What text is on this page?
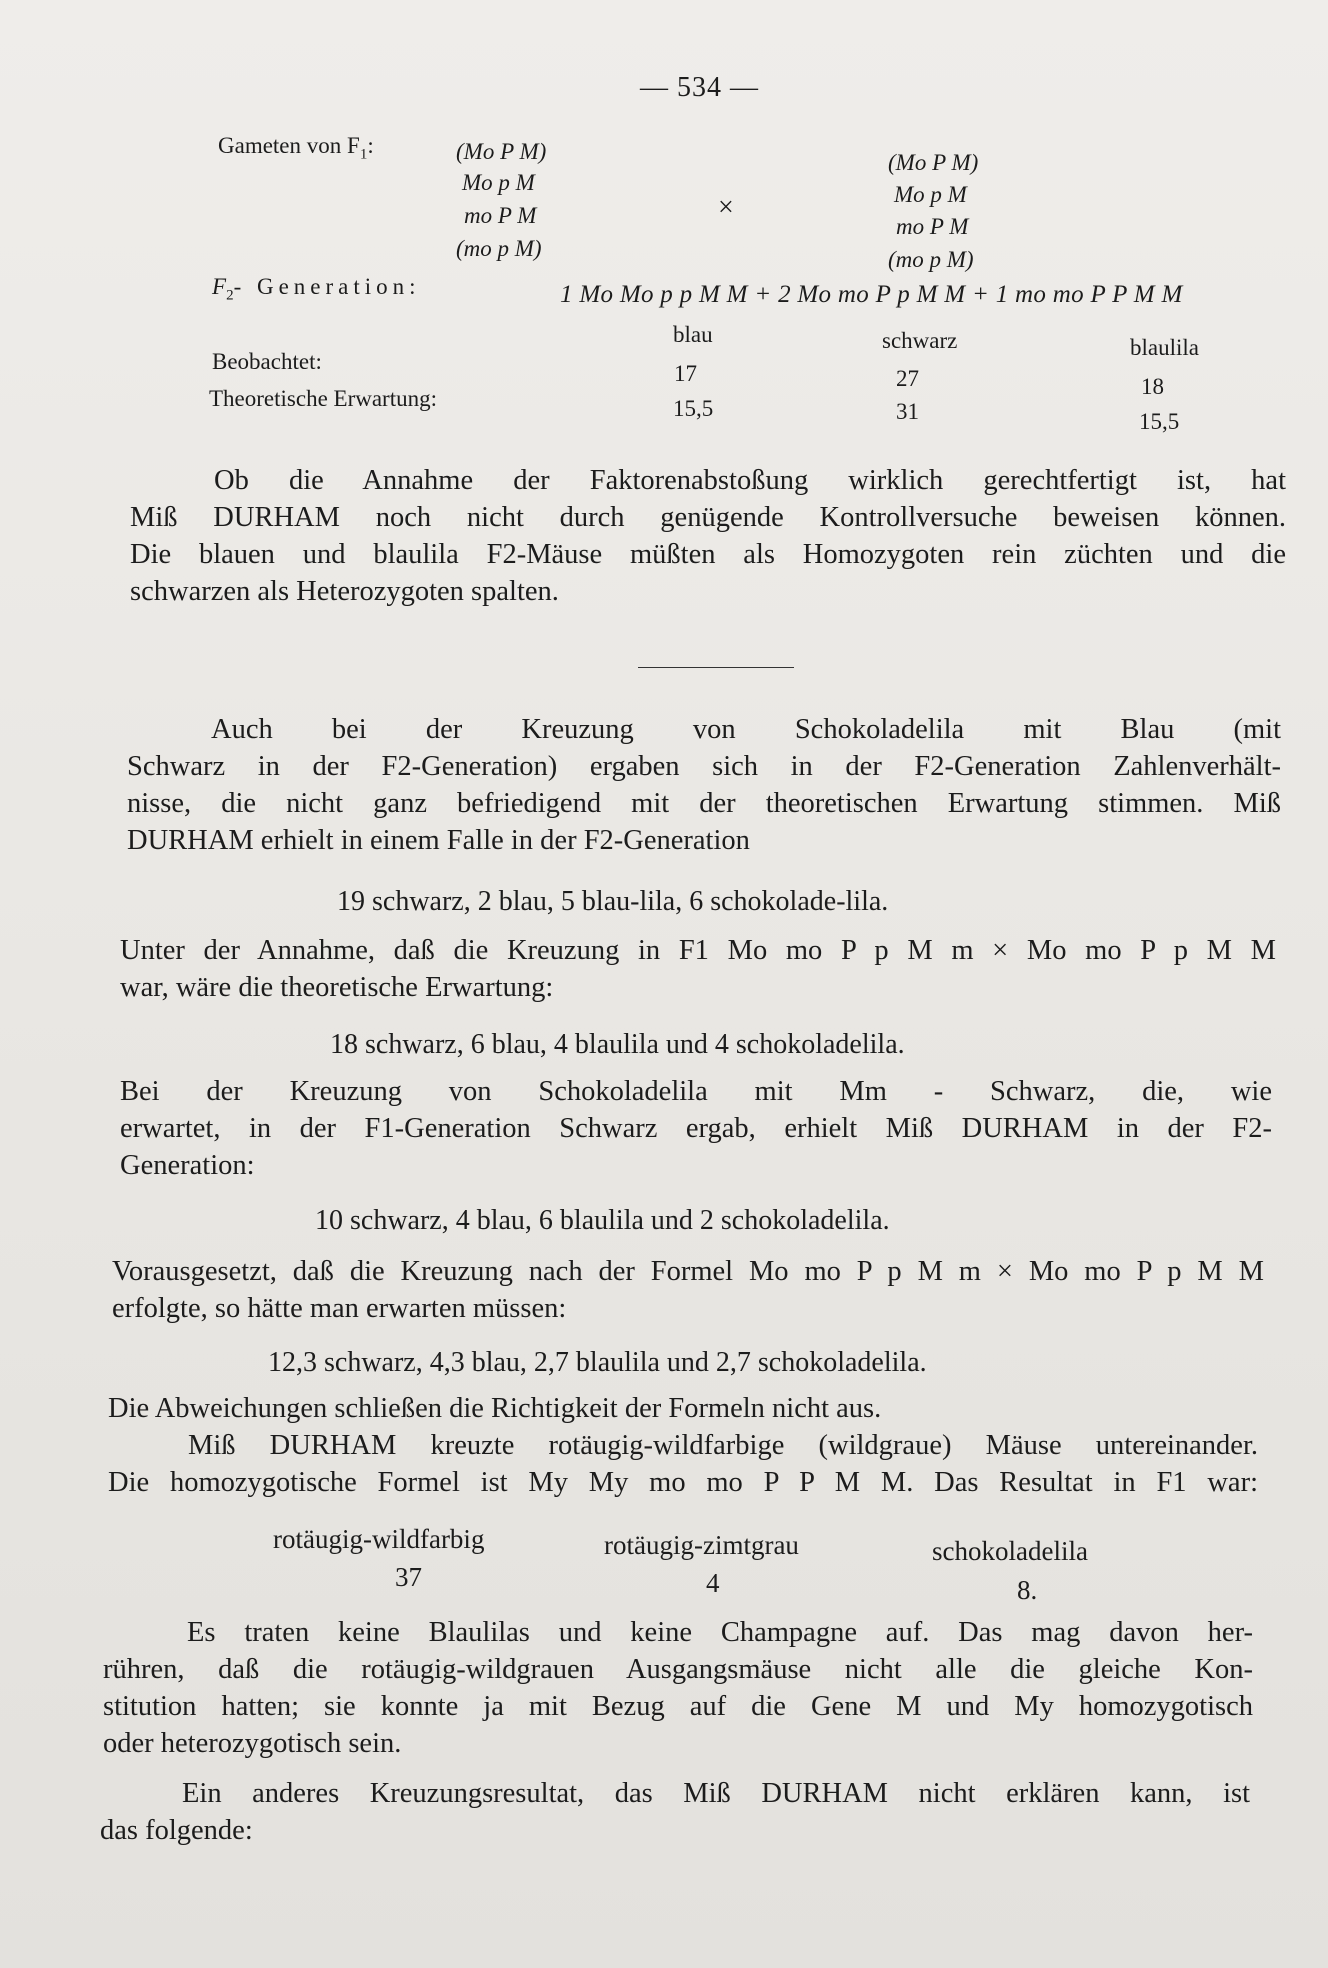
— 534 —
Gameten von $F_1$:	(Mo P M)
Mo p M
mo P M
(mo p M)
×
(Mo P M)
Mo p M
mo P M
(mo p M)
$F_2-$ Generation:	1 Mo Mo p p M M + 2 Mo mo P p M M + 1 mo mo P P M M
blau	schwarz	blaulila
Beobachtet:	17	27	18
Theoretische Erwartung:	15,5	31	15,5
Ob die Annahme der Faktorenabstoßung wirklich gerechtfertigt ist, hat
Miß DURHAM noch nicht durch genügende Kontrollversuche beweisen können.
Die blauen und blaulila F2-Mäuse müßten als Homozygoten rein züchten und die
schwarzen als Heterozygoten spalten.
Auch bei der Kreuzung von Schokoladelila mit Blau (mit
Schwarz in der F2-Generation) ergaben sich in der F2-Generation Zahlenverhält-
nisse, die nicht ganz befriedigend mit der theoretischen Erwartung stimmen. Miß
DURHAM erhielt in einem Falle in der F2-Generation
19 schwarz, 2 blau, 5 blau-lila, 6 schokolade-lila.
Unter der Annahme, daß die Kreuzung in F1 Mo mo P p M m × Mo mo P p M M
war, wäre die theoretische Erwartung:
18 schwarz, 6 blau, 4 blaulila und 4 schokoladelila.
Bei der Kreuzung von Schokoladelila mit Mm - Schwarz, die, wie
erwartet, in der F1-Generation Schwarz ergab, erhielt Miß DURHAM in der F2-
Generation:
10 schwarz, 4 blau, 6 blaulila und 2 schokoladelila.
Vorausgesetzt, daß die Kreuzung nach der Formel Mo mo P p M m × Mo mo P p M M
erfolgte, so hätte man erwarten müssen:
12,3 schwarz, 4,3 blau, 2,7 blaulila und 2,7 schokoladelila.
Die Abweichungen schließen die Richtigkeit der Formeln nicht aus.
Miß DURHAM kreuzte rotäugig-wildfarbige (wildgraue) Mäuse untereinander.
Die homozygotische Formel ist My My mo mo P P M M. Das Resultat in F1 war:
rotäugig-wildfarbig	rotäugig-zimtgrau	schokoladelila
37	4	8.
Es traten keine Blaulilas und keine Champagne auf. Das mag davon her-
rühren, daß die rotäugig-wildgrauen Ausgangsmäuse nicht alle die gleiche Kon-
stitution hatten; sie konnte ja mit Bezug auf die Gene M und My homozygotisch
oder heterozygotisch sein.
Ein anderes Kreuzungsresultat, das Miß DURHAM nicht erklären kann, ist
das folgende:
